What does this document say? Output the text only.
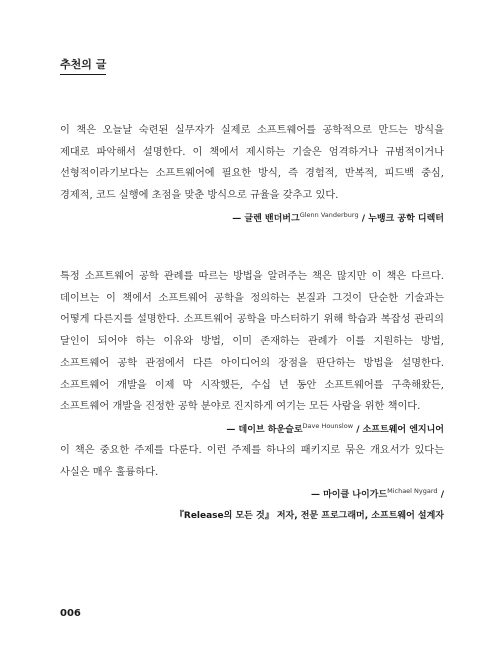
추천의 글

이 책은 오늘날 숙련된 실무자가 실제로 소프트웨어를 공학적으로 만드는 방식을 제대로 파악해서 설명한다. 이 책에서 제시하는 기술은 엄격하거나 규범적이거나 선형적이라기보다는 소프트웨어에 필요한 방식, 즉 경험적, 반복적, 피드백 중심, 경제적, 코드 실행에 초점을 맞춘 방식으로 규율을 갖추고 있다.

— 글렌 밴더버그$^{Glenn Vanderburg}$ / 누뱅크 공학 디렉터

특정 소프트웨어 공학 관례를 따르는 방법을 알려주는 책은 많지만 이 책은 다르다. 데이브는 이 책에서 소프트웨어 공학을 정의하는 본질과 그것이 단순한 기술과는 어떻게 다른지를 설명한다. 소프트웨어 공학을 마스터하기 위해 학습과 복잡성 관리의 달인이 되어야 하는 이유와 방법, 이미 존재하는 관례가 이를 지원하는 방법, 소프트웨어 공학 관점에서 다른 아이디어의 장점을 판단하는 방법을 설명한다. 소프트웨어 개발을 이제 막 시작했든, 수십 년 동안 소프트웨어를 구축해왔든, 소프트웨어 개발을 진정한 공학 분야로 진지하게 여기는 모든 사람을 위한 책이다.

— 데이브 하운슬로$^{Dave Hounslow}$ / 소프트웨어 엔지니어

이 책은 중요한 주제를 다룬다. 이런 주제를 하나의 패키지로 묶은 개요서가 있다는 사실은 매우 훌륭하다.

— 마이클 나이가드$^{Michael Nygard}$ /

『Release의 모든 것』 저자, 전문 프로그래머, 소프트웨어 설계자

006
